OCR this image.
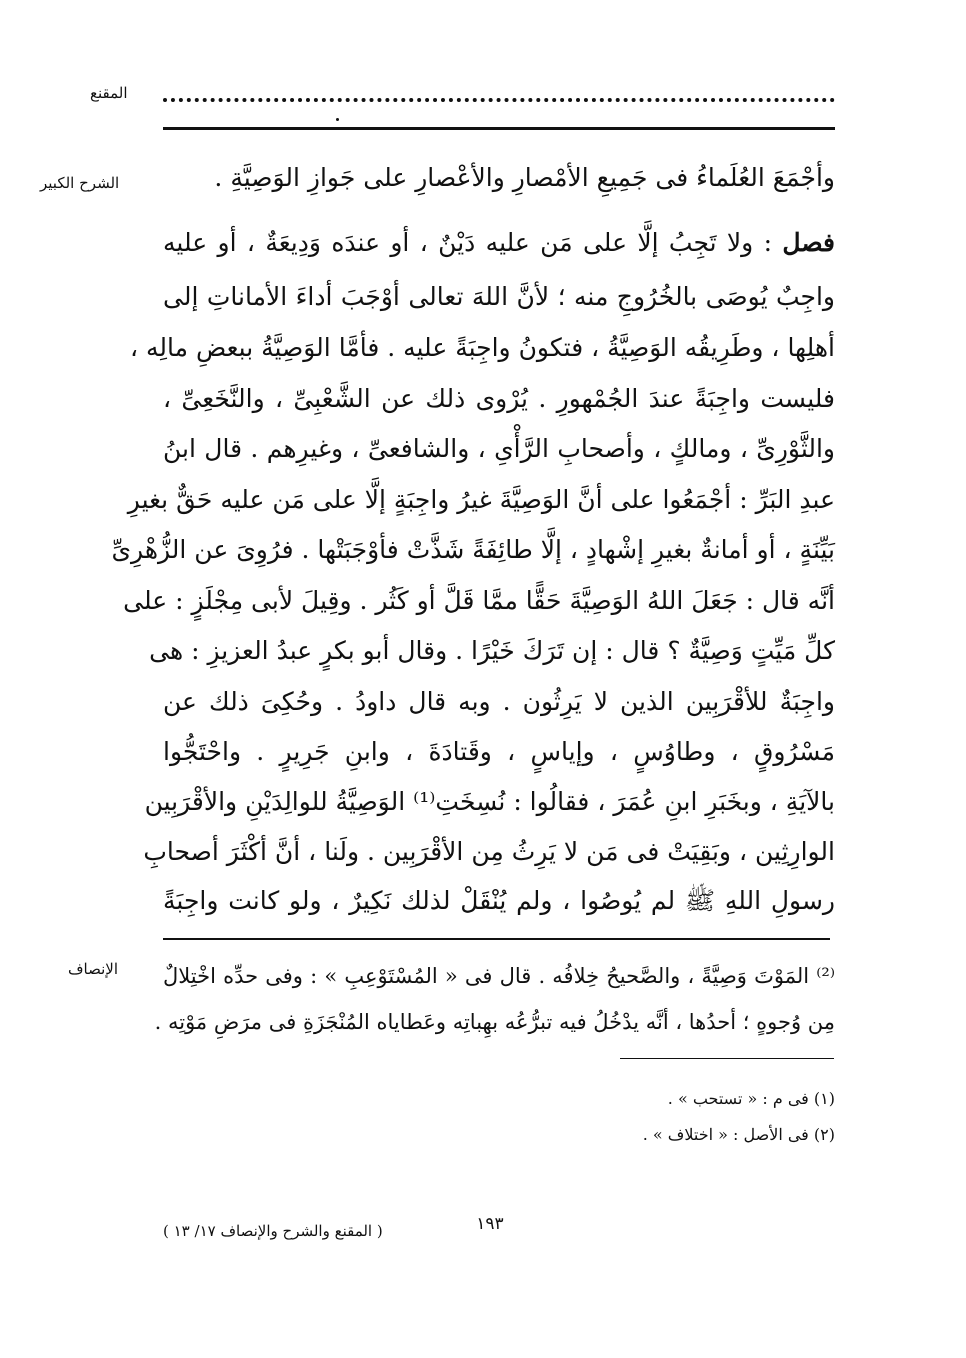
المقنع
الشرح الكبير	وأجْمَعَ العُلَماءُ فى جَمِيعِ الأمْصارِ والأعْصارِ على جَوازِ الوَصِيَّةِ .
فصل : ولا تَجِبُ إلَّا على مَن عليه دَيْنٌ ، أو عندَه وَدِيعَةٌ ، أو عليه
واجِبٌ يُوصَى بالخُرُوجِ منه ؛ لأنَّ اللهَ تعالى أوْجَبَ أداءَ الأماناتِ إلى
أهلِها ، وطَرِيقُه الوَصِيَّةُ ، فتكونُ واجِبَةً عليه . فأمَّا الوَصِيَّةُ ببعضِ مالِه ،
فليست واجِبَةً عندَ الجُمْهورِ . يُرْوى ذلك عن الشَّعْبِىِّ ، والنَّخَعِىِّ ،
والثَّوْرِىِّ ، ومالكٍ ، وأصحابِ الرَّأْىِ ، والشافعىِّ ، وغيرِهم . قال ابنُ
عبدِ البَرِّ : أجْمَعُوا على أنَّ الوَصِيَّةَ غيرُ واجِبَةٍ إلَّا على مَن عليه حَقٌّ بغيرِ
بَيِّنَةٍ ، أو أمانةٌ بغيرِ إشْهادٍ ، إلَّا طائِفَةً شَذَّتْ فأوْجَبَتْها . فرُوِىَ عن الزُّهْرِىِّ
أنَّه قال : جَعَلَ اللهُ الوَصِيَّةَ حَقًّا ممَّا قَلَّ أو كَثُر . وقِيلَ لأبى مِجْلَزٍ : على
كلِّ مَيِّتٍ وَصِيَّةٌ ؟ قال : إن تَرَكَ خَيْرًا . وقال أبو بكرٍ عبدُ العزيزِ : هى
واجِبَةٌ للأقْرَبِين الذين لا يَرِثُون . وبه قال داودُ . وحُكِىَ ذلك عن
مَسْرُوقٍ ، وطاوُسٍ ، وإياسٍ ، وقَتادَةَ ، وابنِ جَرِيرٍ . واحْتَجُّوا
بالآيَةِ ، وبخَبَرِ ابنِ عُمَرَ ، فقالُوا : نُسِخَتِ⁽¹⁾ الوَصِيَّةُ للوالِدَيْنِ والأقْرَبِين
الوارِثِين ، وبَقِيَتْ فى مَن لا يَرِثُ مِن الأقْرَبِين . ولَنا ، أنَّ أكْثَرَ أصحابِ
رسولِ اللهِ ﷺ لم يُوصُوا ، ولم يُنْقَلْ لذلك نَكِيرٌ ، ولو كانت واجِبَةً
الإنصاف	⁽²⁾ المَوْتَ وَصِيَّةً ، والصَّحيحُ خِلافُه . قال فى « المُسْتَوْعِبِ » : وفى حدِّه اخْتِلالٌ
مِن وُجوهٍ ؛ أحدُها ، أنَّه يدْخُلُ فيه تبرُّعُه بهِباتِه وعَطاياه المُنْجَزَةِ فى مرَضِ مَوْتِه .
(١) فى م : « تستحب » .
(٢) فى الأصل : « اختلاف » .
١٩٣
( المقنع والشرح والإنصاف ١٧/ ١٣ )
